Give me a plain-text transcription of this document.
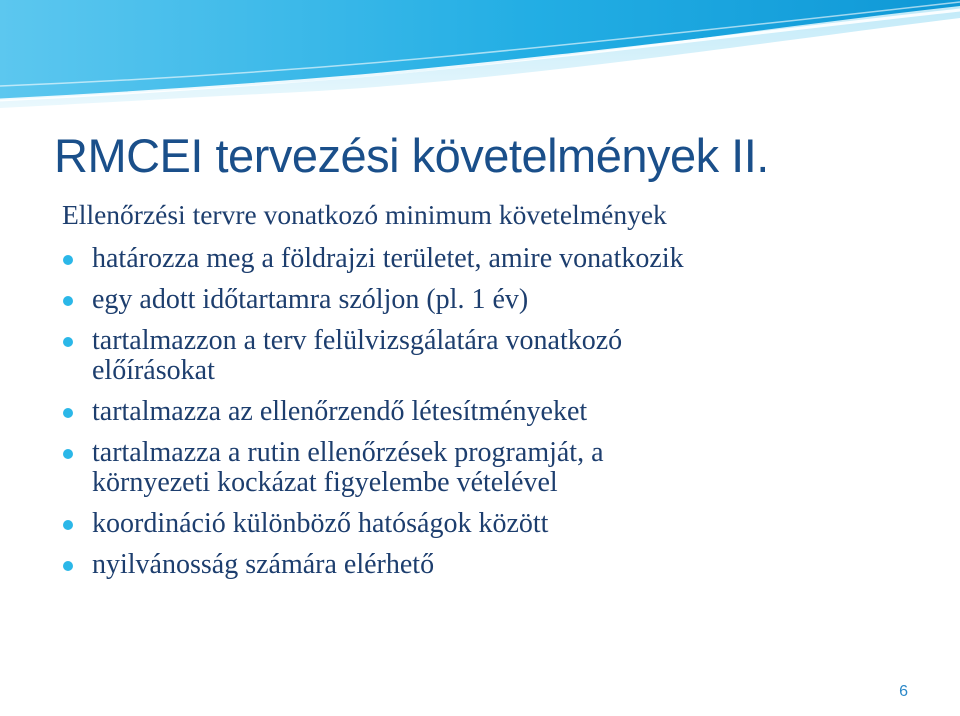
RMCEI tervezési követelmények II.

Ellenőrzési tervre vonatkozó minimum követelmények

határozza meg a földrajzi területet, amire vonatkozik
egy adott időtartamra szóljon (pl. 1 év)
tartalmazzon a terv felülvizsgálatára vonatkozó
előírásokat
tartalmazza az ellenőrzendő létesítményeket
tartalmazza a rutin ellenőrzések programját, a
környezeti kockázat figyelembe vételével
koordináció különböző hatóságok között
nyilvánosság számára elérhető
6
